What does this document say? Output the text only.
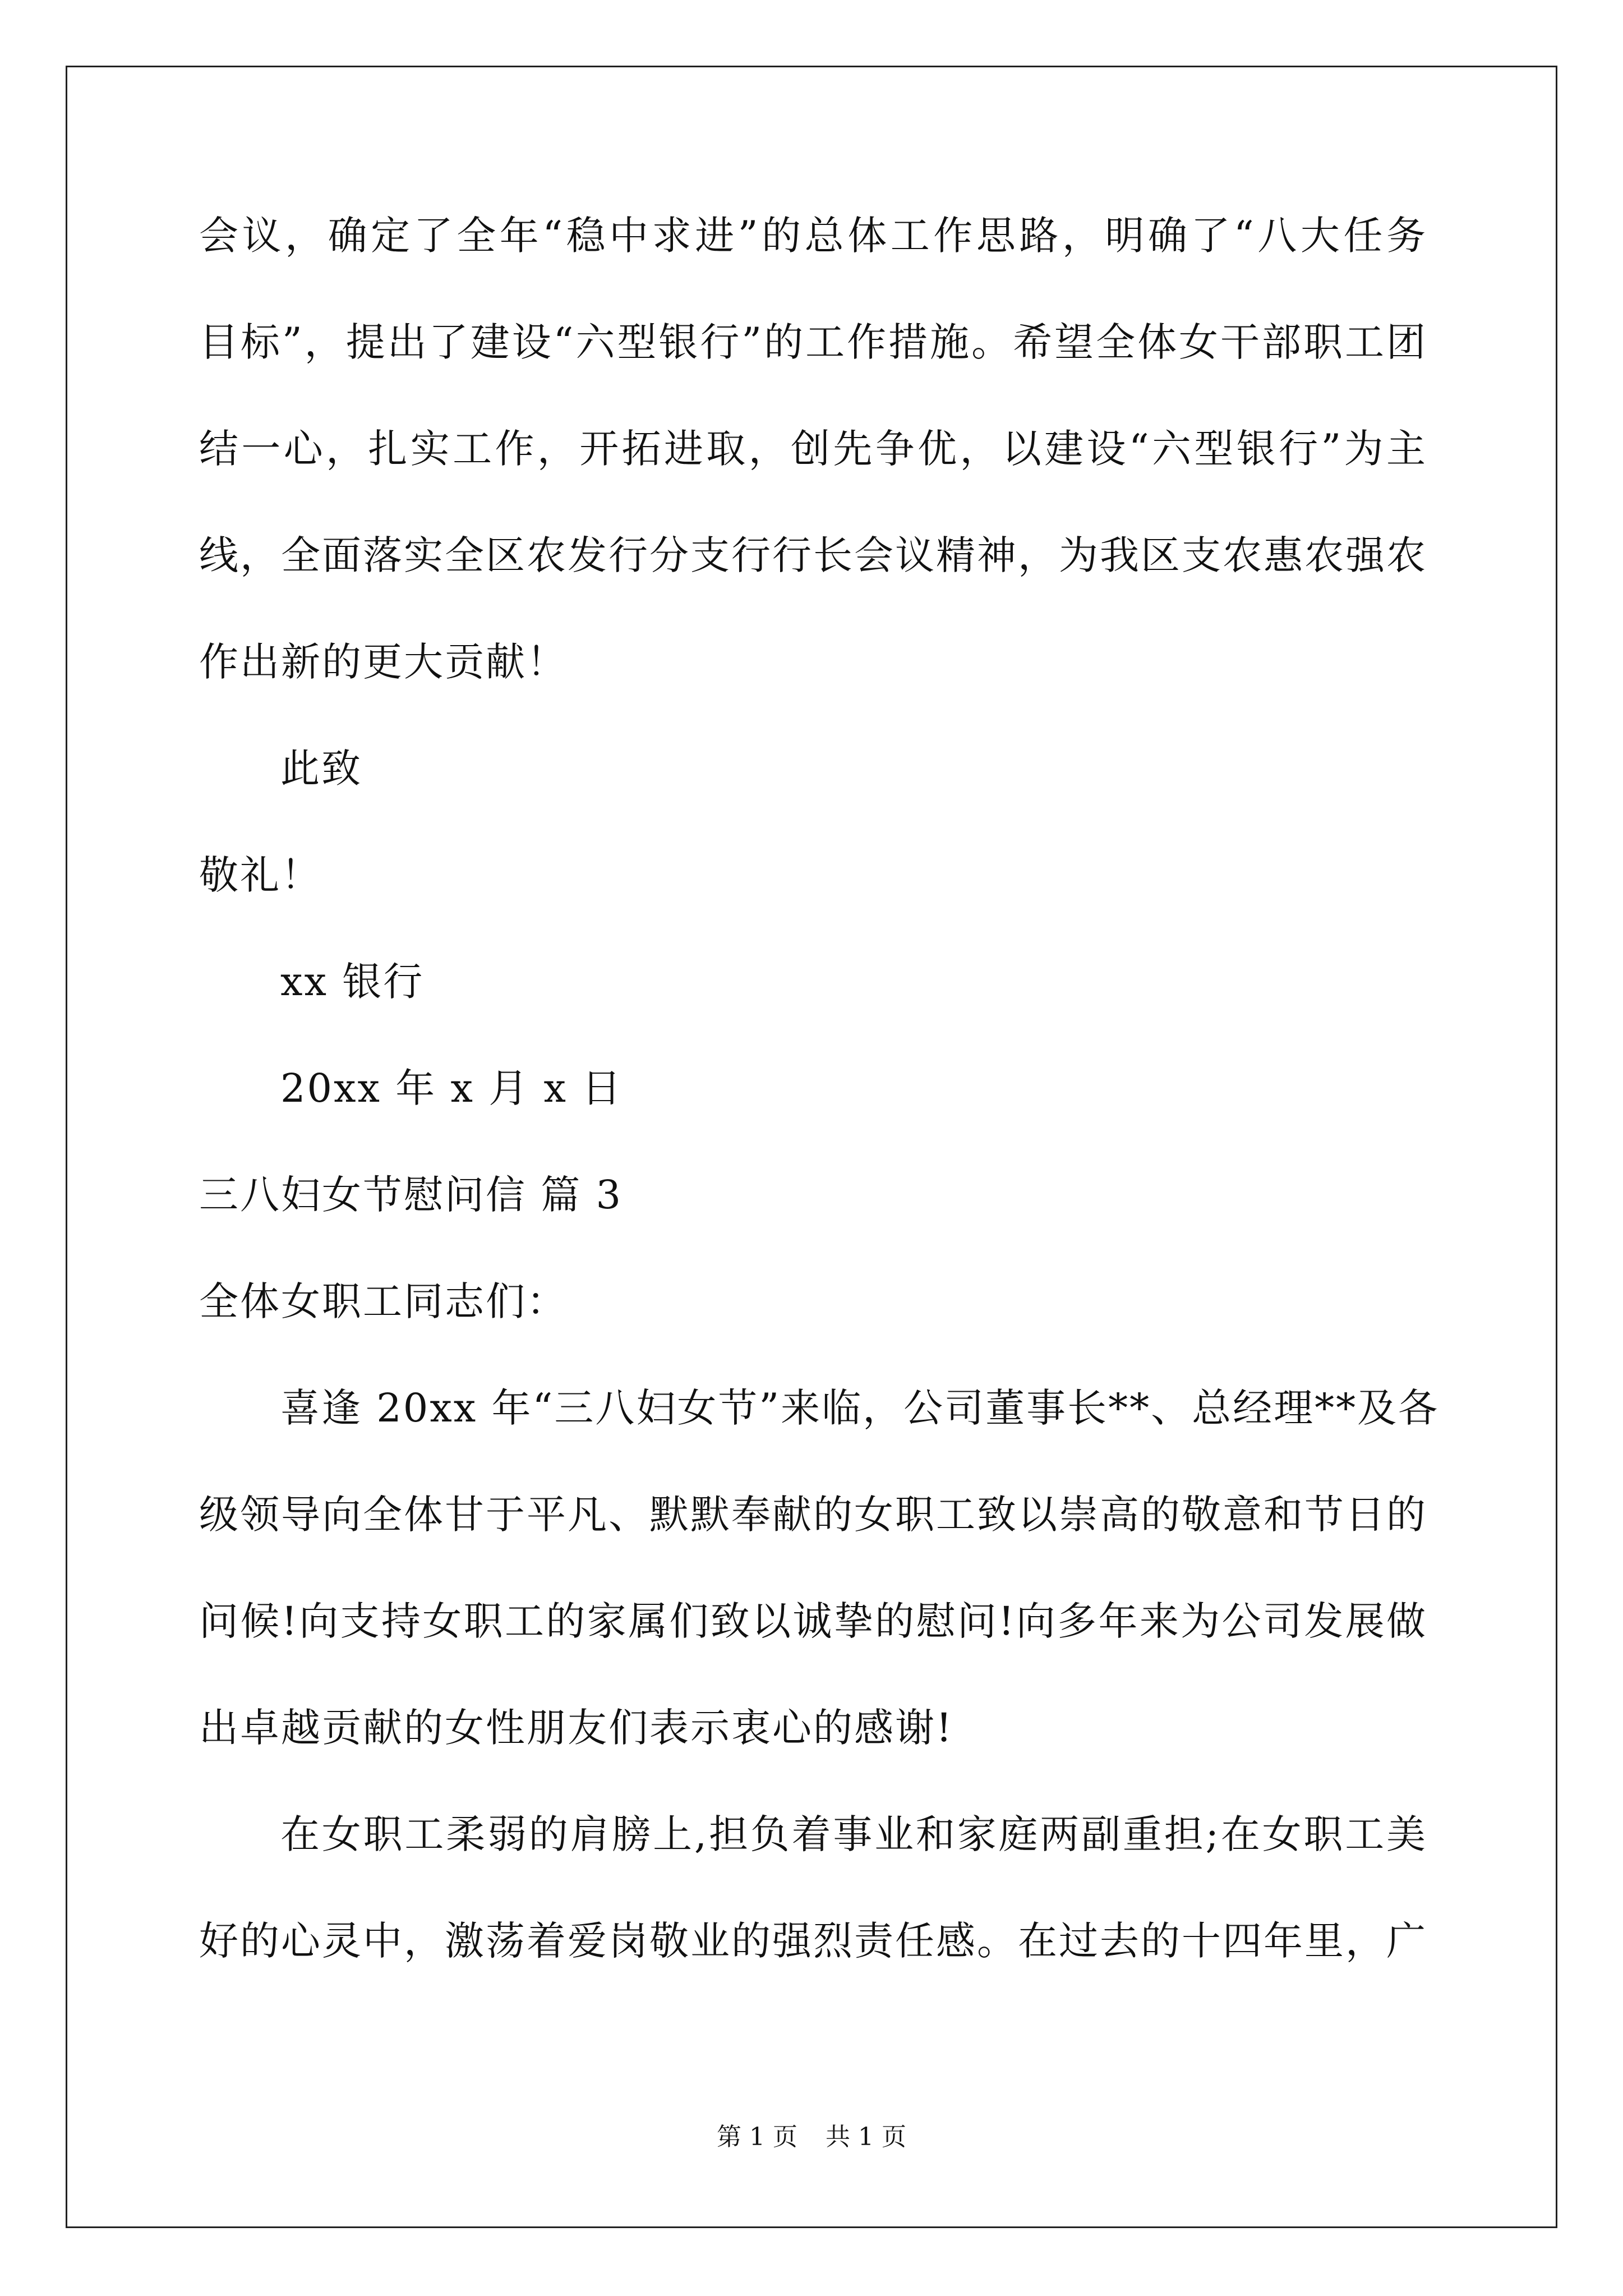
会议，确定了全年“稳中求进”的总体工作思路，明确了“八大任务
目标”，提出了建设“六型银行”的工作措施。希望全体女干部职工团
结一心，扎实工作，开拓进取，创先争优，以建设“六型银行”为主
线，全面落实全区农发行分支行行长会议精神，为我区支农惠农强农
作出新的更大贡献！
此致
敬礼！
xx 银行
20xx 年 x 月 x 日
三八妇女节慰问信 篇 3
全体女职工同志们：
喜逢 20xx 年“三八妇女节”来临，公司董事长**、总经理**及各
级领导向全体甘于平凡、默默奉献的女职工致以崇高的敬意和节日的
问候!向支持女职工的家属们致以诚挚的慰问!向多年来为公司发展做
出卓越贡献的女性朋友们表示衷心的感谢!
在女职工柔弱的肩膀上,担负着事业和家庭两副重担;在女职工美
好的心灵中，激荡着爱岗敬业的强烈责任感。在过去的十四年里，广
第 1 页 共 1 页
